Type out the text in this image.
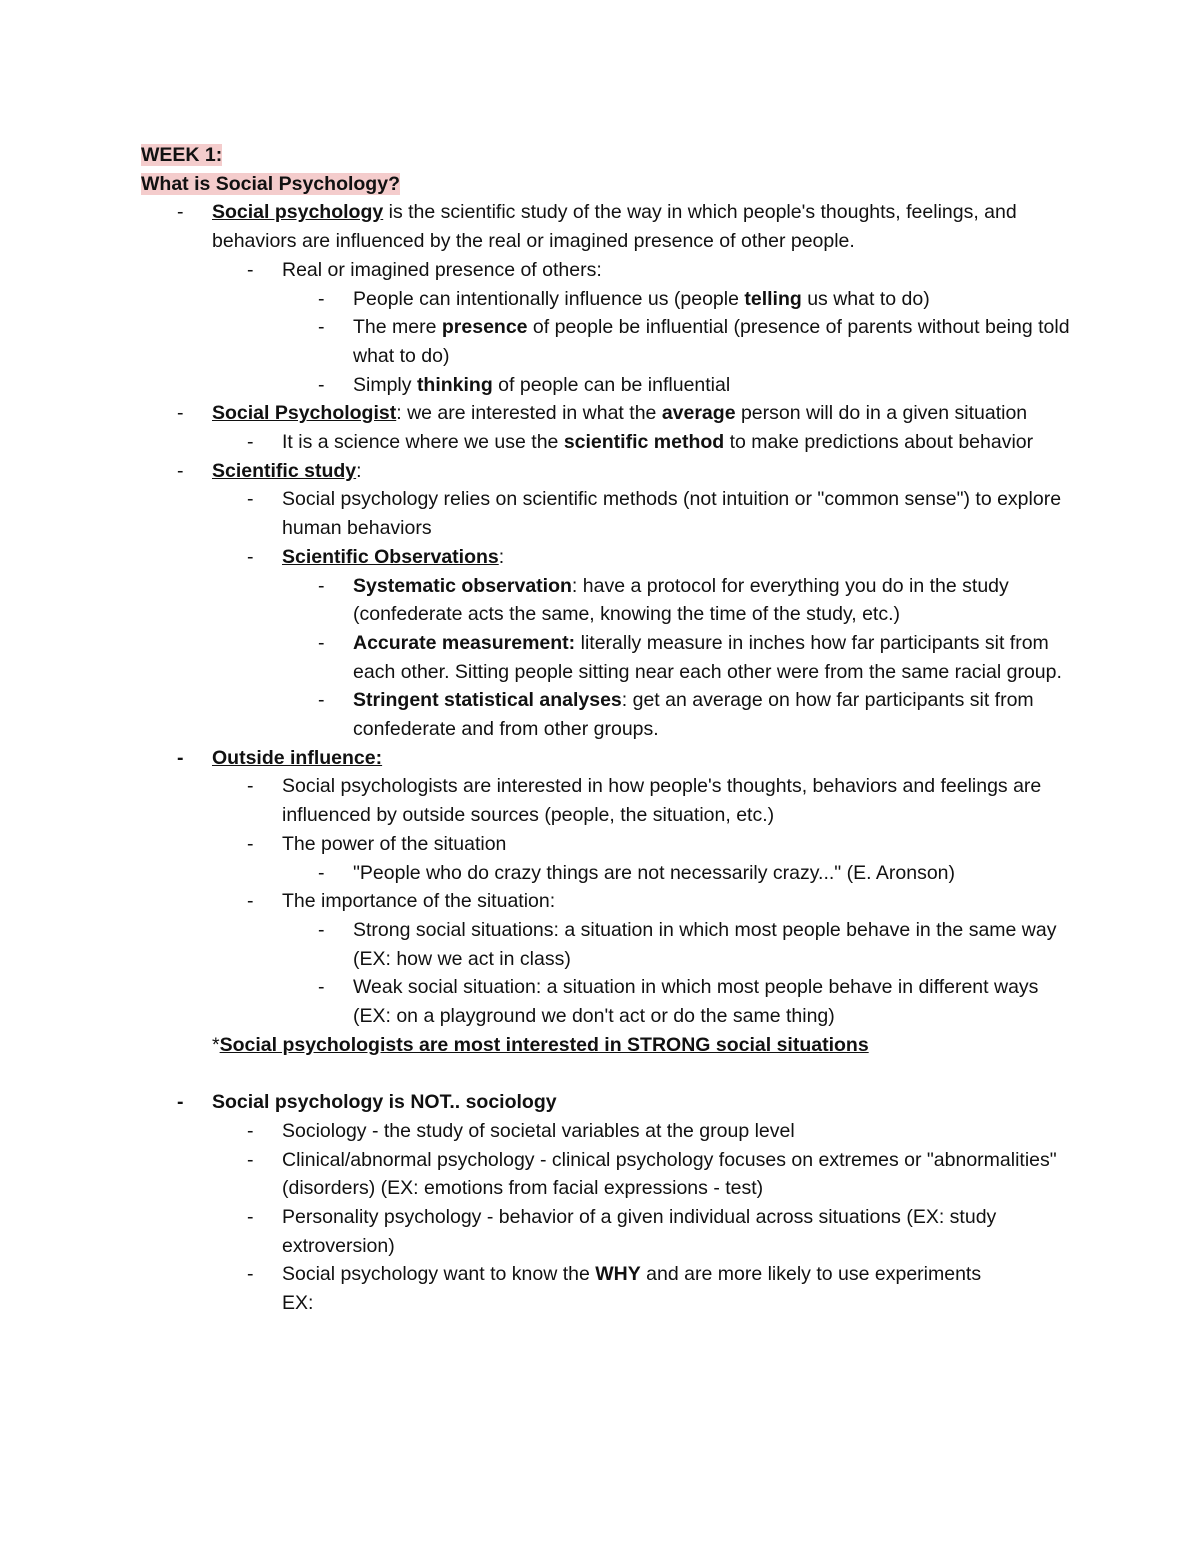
WEEK 1:
What is Social Psychology?
- Social psychology is the scientific study of the way in which people's thoughts, feelings, and behaviors are influenced by the real or imagined presence of other people.
- Real or imagined presence of others:
- People can intentionally influence us (people telling us what to do)
- The mere presence of people be influential (presence of parents without being told what to do)
- Simply thinking of people can be influential
- Social Psychologist: we are interested in what the average person will do in a given situation
- It is a science where we use the scientific method to make predictions about behavior
- Scientific study:
- Social psychology relies on scientific methods (not intuition or "common sense") to explore human behaviors
- Scientific Observations:
- Systematic observation: have a protocol for everything you do in the study (confederate acts the same, knowing the time of the study, etc.)
- Accurate measurement: literally measure in inches how far participants sit from each other. Sitting people sitting near each other were from the same racial group.
- Stringent statistical analyses: get an average on how far participants sit from confederate and from other groups.
- Outside influence:
- Social psychologists are interested in how people's thoughts, behaviors and feelings are influenced by outside sources (people, the situation, etc.)
- The power of the situation
- "People who do crazy things are not necessarily crazy..." (E. Aronson)
- The importance of the situation:
- Strong social situations: a situation in which most people behave in the same way (EX: how we act in class)
- Weak social situation: a situation in which most people behave in different ways (EX: on a playground we don't act or do the same thing)
*Social psychologists are most interested in STRONG social situations
- Social psychology is NOT.. sociology
- Sociology - the study of societal variables at the group level
- Clinical/abnormal psychology - clinical psychology focuses on extremes or "abnormalities" (disorders) (EX: emotions from facial expressions - test)
- Personality psychology - behavior of a given individual across situations (EX: study extroversion)
- Social psychology want to know the WHY and are more likely to use experiments
EX:
